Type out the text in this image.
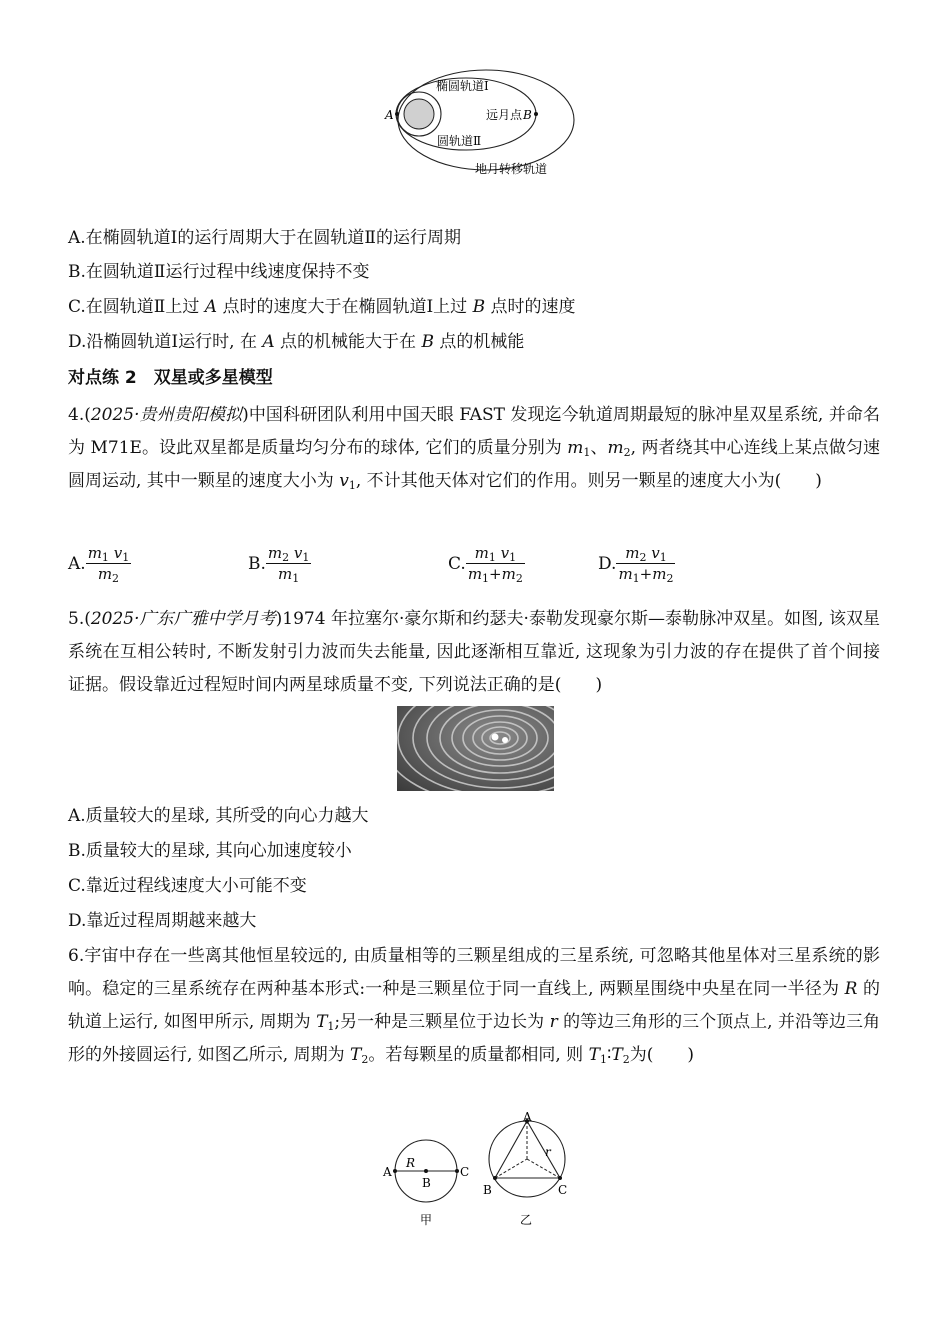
A
椭圆轨道Ⅰ
远月点 B
圆轨道Ⅱ
地月转移轨道
A.在椭圆轨道Ⅰ的运行周期大于在圆轨道Ⅱ的运行周期
B.在圆轨道Ⅱ运行过程中线速度保持不变
C.在圆轨道Ⅱ上过 A 点时的速度大于在椭圆轨道Ⅰ上过 B 点时的速度
D.沿椭圆轨道Ⅰ运行时, 在 A 点的机械能大于在 B 点的机械能
对点练 2　双星或多星模型
4.(2025·贵州贵阳模拟)中国科研团队利用中国天眼 FAST 发现迄今轨道周期最短的脉冲星双星系统, 并命名为 M71E。设此双星都是质量均匀分布的球体, 它们的质量分别为 $m_1$、$m_2$, 两者绕其中心连线上某点做匀速圆周运动, 其中一颗星的速度大小为 $v_1$, 不计其他天体对它们的作用。则另一颗星的速度大小为(　　)
A. $\frac{m_1 v_1}{m_2}$	B. $\frac{m_2 v_1}{m_1}$	C. $\frac{m_1 v_1}{m_1+m_2}$	D. $\frac{m_2 v_1}{m_1+m_2}$
5.(2025·广东广雅中学月考)1974 年拉塞尔·豪尔斯和约瑟夫·泰勒发现豪尔斯—泰勒脉冲双星。如图, 该双星系统在互相公转时, 不断发射引力波而失去能量, 因此逐渐相互靠近, 这现象为引力波的存在提供了首个间接证据。假设靠近过程短时间内两星球质量不变, 下列说法正确的是(　　)
A.质量较大的星球, 其所受的向心力越大
B.质量较大的星球, 其向心加速度较小
C.靠近过程线速度大小可能不变
D.靠近过程周期越来越大
6.宇宙中存在一些离其他恒星较远的, 由质量相等的三颗星组成的三星系统, 可忽略其他星体对三星系统的影响。稳定的三星系统存在两种基本形式:一种是三颗星位于同一直线上, 两颗星围绕中央星在同一半径为 R 的轨道上运行, 如图甲所示, 周期为 $T_1$;另一种是三颗星位于边长为 r 的等边三角形的三个顶点上, 并沿等边三角形的外接圆运行, 如图乙所示, 周期为 $T_2$。若每颗星的质量都相同, 则 $T_1∶T_2$为(　　)
A
R
B
C
甲
A
r
B	C
乙
